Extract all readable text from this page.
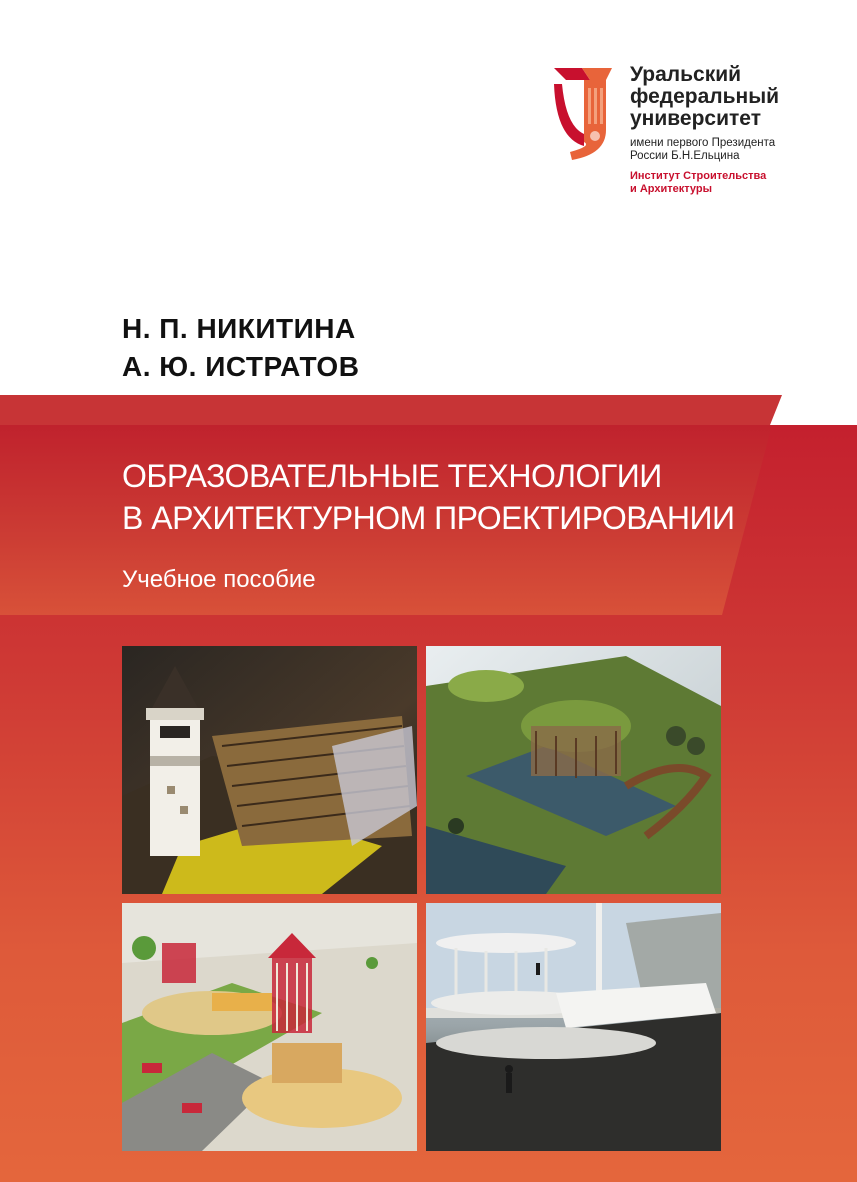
Уральский
федеральный
университет
имени первого Президента
России Б.Н.Ельцина
Институт Строительства
и Архитектуры
Н. П. НИКИТИНА
А. Ю. ИСТРАТОВ
ОБРАЗОВАТЕЛЬНЫЕ ТЕХНОЛОГИИ
В АРХИТЕКТУРНОМ ПРОЕКТИРОВАНИИ
Учебное пособие
